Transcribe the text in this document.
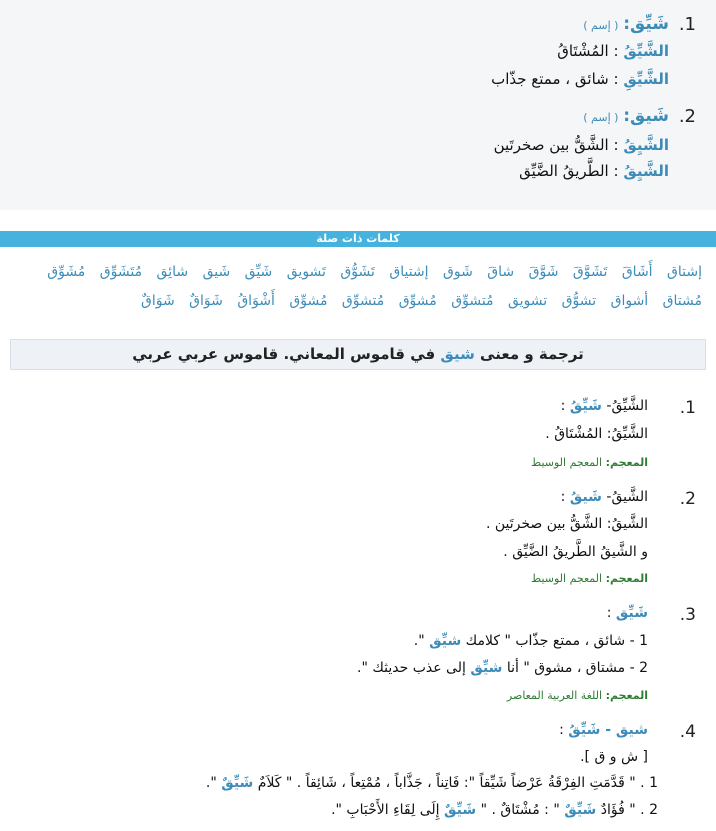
1.
شَيِّق: ( إسم )
الشَّيِّقُ : المُشْتَاقُ
الشَّيِّقِ : شائق ، ممتع جذّاب
2.
شَيق: ( إسم )
الشَّيِقُ : الشَّقُّ بين صخرتَين
الشَّيِقُ : الطَّريقُ الضَّيِّق
كلمات ذات صلة
إشتاق أَشَاقَ تَشَوَّقَ شَوَّقَ شاقَ شَوق إشتياق تَشَوُّق تَشويق شَيِّق شَيق شائِق مُتَشَوِّق مُشَوِّق مُشتاق أشواق تشوُّق تشويق مُتشوِّق مُشوِّق مُتشوِّق مُشوِّق أَشْوَاقُ شَوَاقٌ شَوَاقٌ
ترجمة و معنى شيق في قاموس المعاني. قاموس عربي عربي
1.
الشَّيِّقُ- شَيِّقُ :
الشَّيِّقُ: المُشْتَاقُ .
المعجم: المعجم الوسيط
2.
الشَّيقُ- شَيقُ :
الشَّيقُ: الشَّقُّ بين صخرتَين .
و الشَّيقُ الطَّريقُ الضَّيِّق .
المعجم: المعجم الوسيط
3.
شَيِّق :
1 - شائق ، ممتع جذّاب " كلامك شيِّق ".
2 - مشتاق ، مشوق " أنا شيِّق إلى عذب حديثك ".
المعجم: اللغة العربية المعاصر
4.
شيق - شَيِّقُ :
[ ش و ق ].
1 . " قَدَّمَتِ الفِرْقَةُ عَرْضاً شَيِّقاً ": فَاتِناً ، جَذَّاباً ، مُمْتِعاً ، شَائِقاً . " كَلاَمٌ شَيِّقٌ ".
2 . " فُؤَادٌ شَيِّقٌ " : مُشْتَاقٌ . " شَيِّقٌ إِلَى لِقَاءِ الأَحْبَابِ ".
